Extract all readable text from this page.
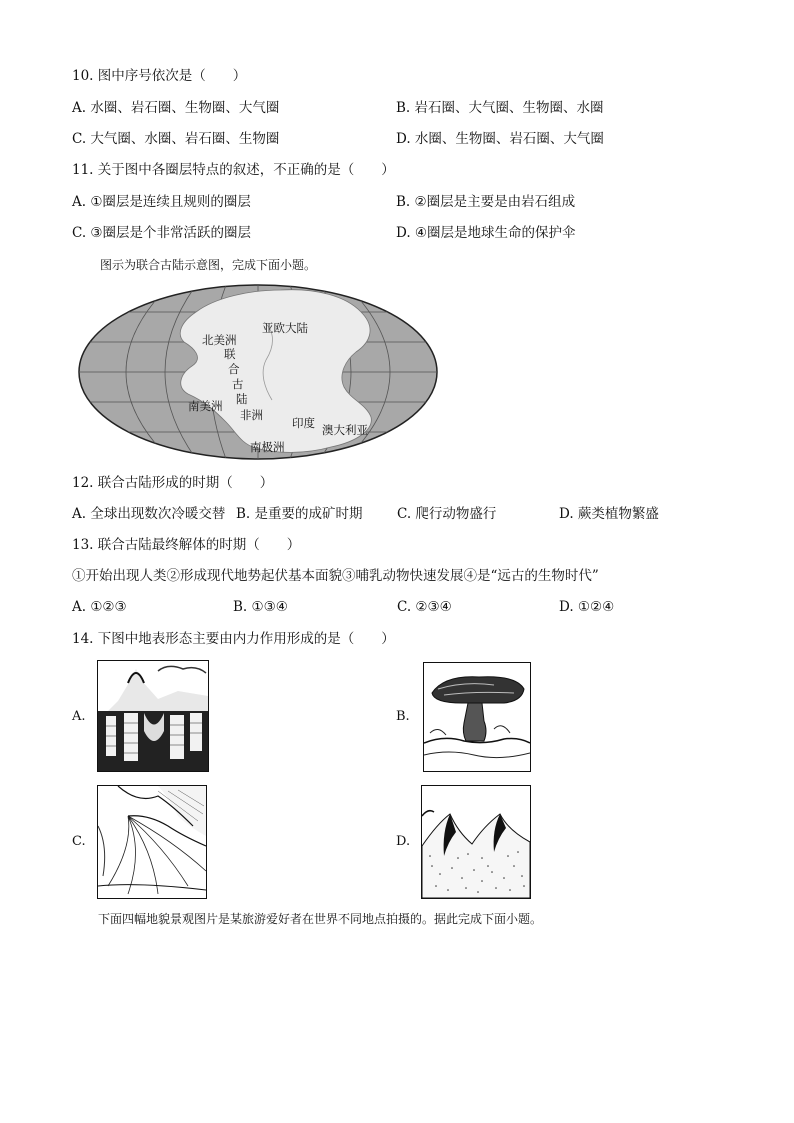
10. 图中序号依次是（　　）
A. 水圈、岩石圈、生物圈、大气圈	B. 岩石圈、大气圈、生物圈、水圈
C. 大气圈、水圈、岩石圈、生物圈	D. 水圈、生物圈、岩石圈、大气圈
11. 关于图中各圈层特点的叙述，不正确的是（　　）
A. ①圈层是连续且规则的圈层	B. ②圈层是主要是由岩石组成
C. ③圈层是个非常活跃的圈层	D. ④圈层是地球生命的保护伞
图示为联合古陆示意图，完成下面小题。
北美洲
亚欧大陆
联
合
古
陆
南美洲
非洲
印度 澳大利亚
南极洲
12. 联合古陆形成的时期（　　）
A. 全球出现数次冷暖交替 B. 是重要的成矿时期	C. 爬行动物盛行	D. 蕨类植物繁盛
13. 联合古陆最终解体的时期（　　）
①开始出现人类②形成现代地势起伏基本面貌③哺乳动物快速发展④是“远古的生物时代”
A. ①②③	B. ①③④	C. ②③④	D. ①②④
14. 下图中地表形态主要由内力作用形成的是（　　）
A.	B.
C.	D.
下面四幅地貌景观图片是某旅游爱好者在世界不同地点拍摄的。据此完成下面小题。
